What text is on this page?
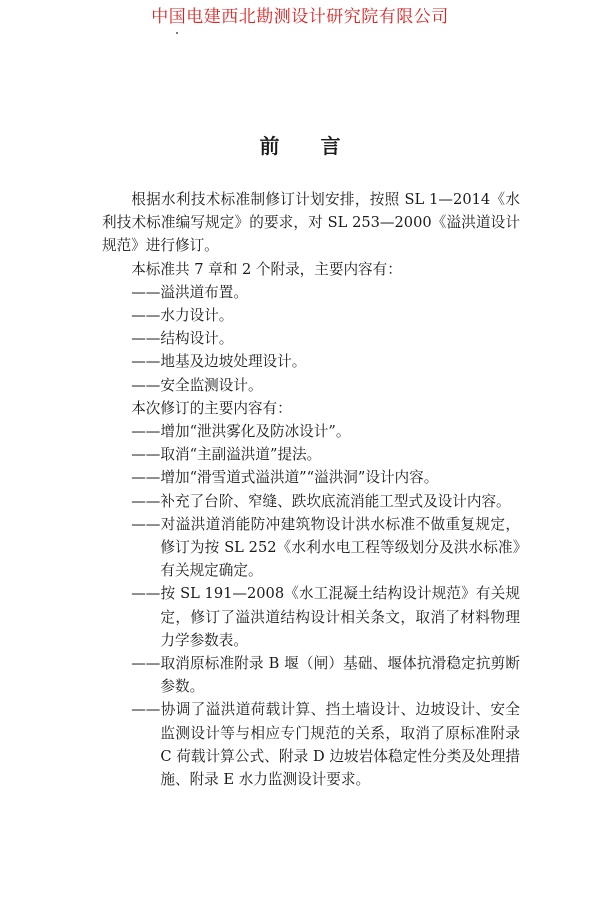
中国电建西北勘测设计研究院有限公司
前 言

根据水利技术标准制修订计划安排，按照 SL 1—2014《水利技术标准编写规定》的要求，对 SL 253—2000《溢洪道设计规范》进行修订。

本标准共 7 章和 2 个附录，主要内容有：

——溢洪道布置。

——水力设计。

——结构设计。

——地基及边坡处理设计。

——安全监测设计。

本次修订的主要内容有：

——增加“泄洪雾化及防冰设计”。

——取消“主副溢洪道”提法。

——增加“滑雪道式溢洪道”“溢洪洞”设计内容。

——补充了台阶、窄缝、跌坎底流消能工型式及设计内容。

——对溢洪道消能防冲建筑物设计洪水标准不做重复规定，修订为按 SL 252《水利水电工程等级划分及洪水标准》有关规定确定。

——按 SL 191—2008《水工混凝土结构设计规范》有关规定，修订了溢洪道结构设计相关条文，取消了材料物理力学参数表。

——取消原标准附录 B 堰（闸）基础、堰体抗滑稳定抗剪断参数。

——协调了溢洪道荷载计算、挡土墙设计、边坡设计、安全监测设计等与相应专门规范的关系，取消了原标准附录 C 荷载计算公式、附录 D 边坡岩体稳定性分类及处理措施、附录 E 水力监测设计要求。
